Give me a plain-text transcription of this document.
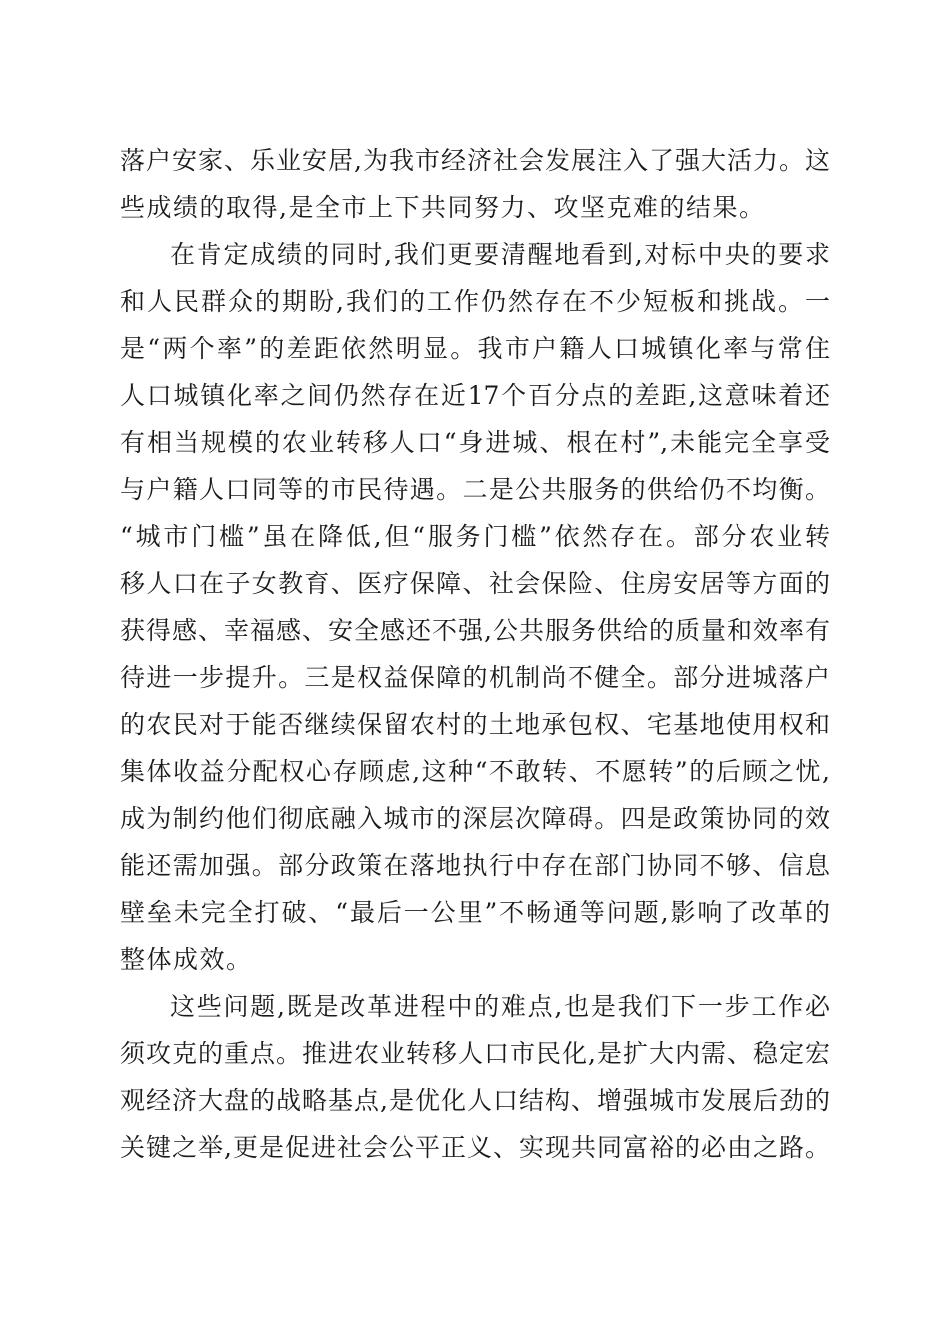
落户安家、乐业安居,为我市经济社会发展注入了强大活力。这
些成绩的取得,是全市上下共同努力、攻坚克难的结果。
在肯定成绩的同时,我们更要清醒地看到,对标中央的要求
和人民群众的期盼,我们的工作仍然存在不少短板和挑战。一
是“两个率”的差距依然明显。我市户籍人口城镇化率与常住
人口城镇化率之间仍然存在近17个百分点的差距,这意味着还
有相当规模的农业转移人口“身进城、根在村”,未能完全享受
与户籍人口同等的市民待遇。二是公共服务的供给仍不均衡。
“城市门槛”虽在降低,但“服务门槛”依然存在。部分农业转
移人口在子女教育、医疗保障、社会保险、住房安居等方面的
获得感、幸福感、安全感还不强,公共服务供给的质量和效率有
待进一步提升。三是权益保障的机制尚不健全。部分进城落户
的农民对于能否继续保留农村的土地承包权、宅基地使用权和
集体收益分配权心存顾虑,这种“不敢转、不愿转”的后顾之忧,
成为制约他们彻底融入城市的深层次障碍。四是政策协同的效
能还需加强。部分政策在落地执行中存在部门协同不够、信息
壁垒未完全打破、“最后一公里”不畅通等问题,影响了改革的
整体成效。
这些问题,既是改革进程中的难点,也是我们下一步工作必
须攻克的重点。推进农业转移人口市民化,是扩大内需、稳定宏
观经济大盘的战略基点,是优化人口结构、增强城市发展后劲的
关键之举,更是促进社会公平正义、实现共同富裕的必由之路。
